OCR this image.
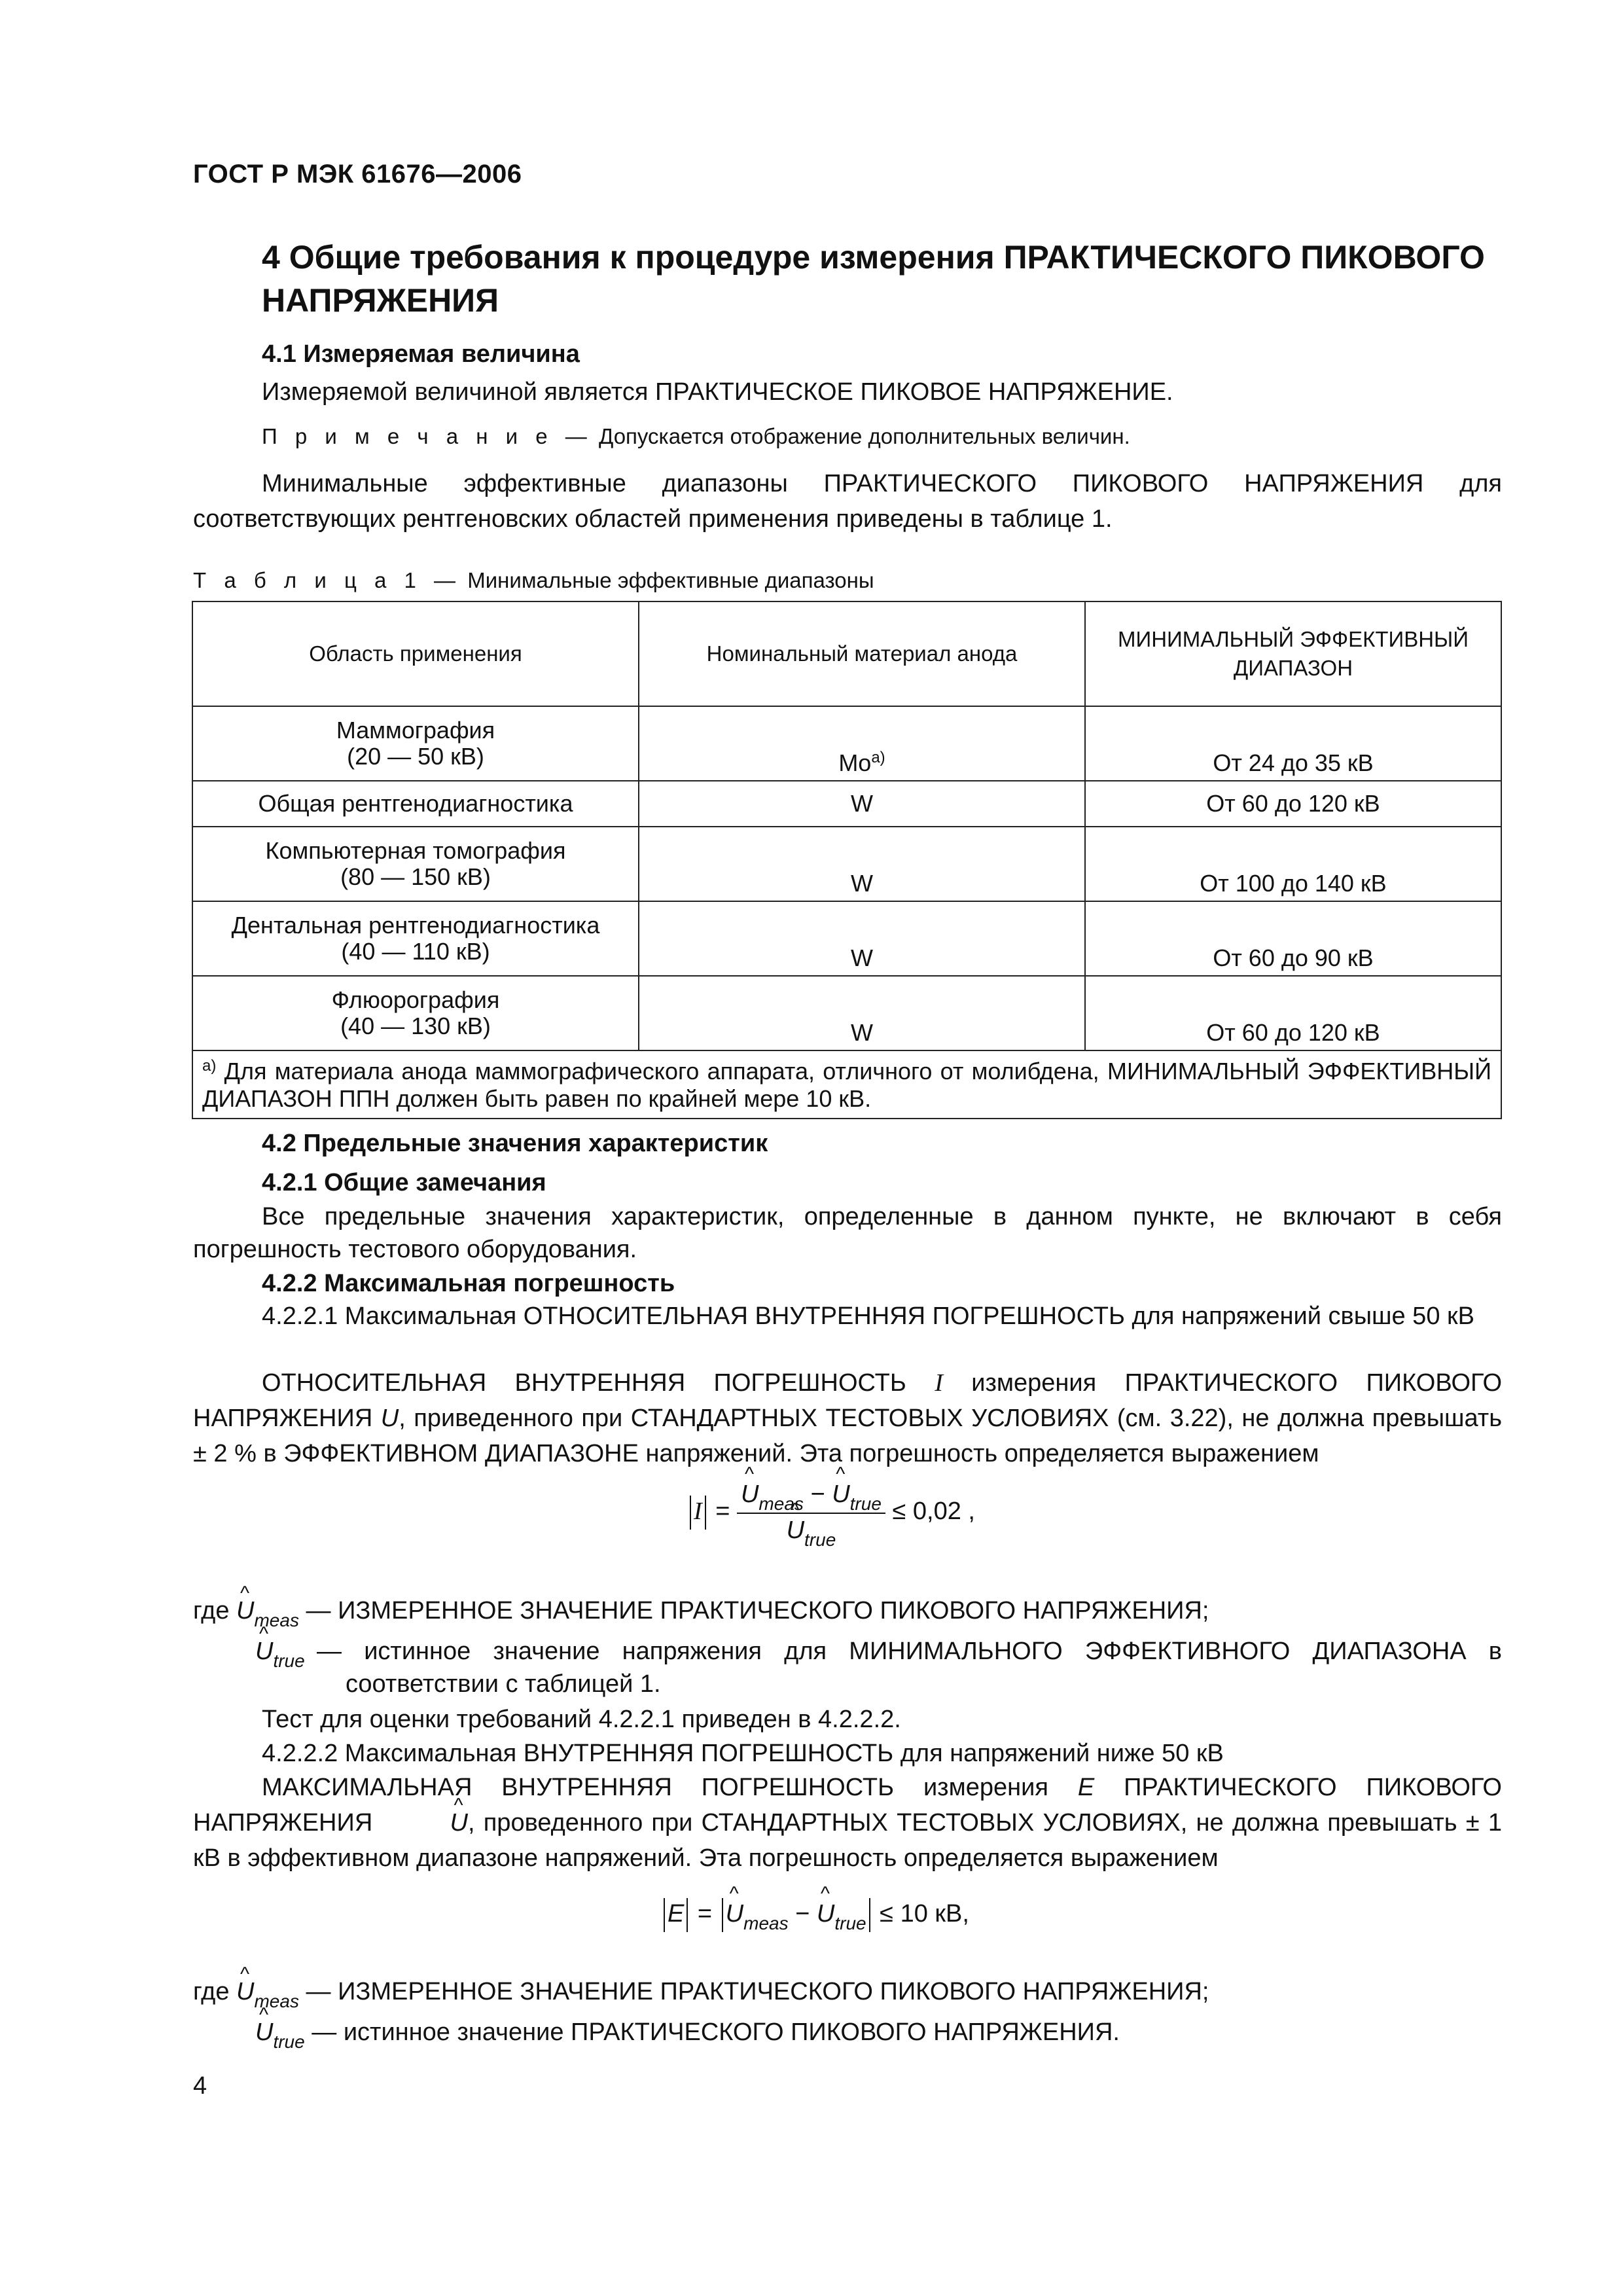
ГОСТ Р МЭК 61676—2006
4 Общие требования к процедуре измерения ПРАКТИЧЕСКОГО ПИКОВОГО НАПРЯЖЕНИЯ
4.1 Измеряемая величина
Измеряемой величиной является ПРАКТИЧЕСКОЕ ПИКОВОЕ НАПРЯЖЕНИЕ.
П р и м е ч а н и е — Допускается отображение дополнительных величин.
Минимальные эффективные диапазоны ПРАКТИЧЕСКОГО ПИКОВОГО НАПРЯЖЕНИЯ для соответствующих рентгеновских областей применения приведены в таблице 1.
Т а б л и ц а 1 — Минимальные эффективные диапазоны
Область применения	Номинальный материал анода	МИНИМАЛЬНЫЙ ЭФФЕКТИВНЫЙ ДИАПАЗОН

Маммография
(20 — 50 кВ)	$Mo^{а)}$	От 24 до 35 кВ
Общая рентгенодиагностика	W	От 60 до 120 кВ

Компьютерная томография
(80 — 150 кВ)	W	От 100 до 140 кВ

Дентальная рентгенодиагностика
(40 — 110 кВ)	W	От 60 до 90 кВ

Флюорография
(40 — 130 кВ)	W	От 60 до 120 кВ
$^{а)}$ Для материала анода маммографического аппарата, отличного от молибдена, МИНИМАЛЬНЫЙ ЭФФЕКТИВНЫЙ ДИАПАЗОН ППН должен быть равен по крайней мере 10 кВ.		
4.2 Предельные значения характеристик
4.2.1 Общие замечания
Все предельные значения характеристик, определенные в данном пункте, не включают в себя погрешность тестового оборудования.
4.2.2 Максимальная погрешность
4.2.2.1 Максимальная ОТНОСИТЕЛЬНАЯ ВНУТРЕННЯЯ ПОГРЕШНОСТЬ для напряжений свыше 50 кВ
ОТНОСИТЕЛЬНАЯ ВНУТРЕННЯЯ ПОГРЕШНОСТЬ I измерения ПРАКТИЧЕСКОГО ПИКОВОГО НАПРЯЖЕНИЯ U, приведенного при СТАНДАРТНЫХ ТЕСТОВЫХ УСЛОВИЯХ (см. 3.22), не должна превышать ± 2 % в ЭФФЕКТИВНОМ ДИАПАЗОНЕ напряжений. Эта погрешность определяется выражением
I = ^ $U_{meas}$ − ^ $U_{true}$
^ $U_{true} \le 0,02$ ,
где ^ $U_{meas}$ — ИЗМЕРЕННОЕ ЗНАЧЕНИЕ ПРАКТИЧЕСКОГО ПИКОВОГО НАПРЯЖЕНИЯ;
^ $U_{true}$ — истинное значение напряжения для МИНИМАЛЬНОГО ЭФФЕКТИВНОГО ДИАПАЗОНА в соответствии с таблицей 1.
Тест для оценки требований 4.2.2.1 приведен в 4.2.2.2.
4.2.2.2 Максимальная ВНУТРЕННЯЯ ПОГРЕШНОСТЬ для напряжений ниже 50 кВ
МАКСИМАЛЬНАЯ ВНУТРЕННЯЯ ПОГРЕШНОСТЬ измерения E ПРАКТИЧЕСКОГО ПИКОВОГО НАПРЯЖЕНИЯ	^ U, проведенного при СТАНДАРТНЫХ ТЕСТОВЫХ УСЛОВИЯХ, не должна превышать ± 1 кВ в эффективном диапазоне напряжений. Эта погрешность определяется выражением
E = ^ $U_{meas}$ − ^ $U_{true} \le 10$ кВ,
где ^ $U_{meas}$ — ИЗМЕРЕННОЕ ЗНАЧЕНИЕ ПРАКТИЧЕСКОГО ПИКОВОГО НАПРЯЖЕНИЯ;
^ $U_{true}$ — истинное значение ПРАКТИЧЕСКОГО ПИКОВОГО НАПРЯЖЕНИЯ.
4
